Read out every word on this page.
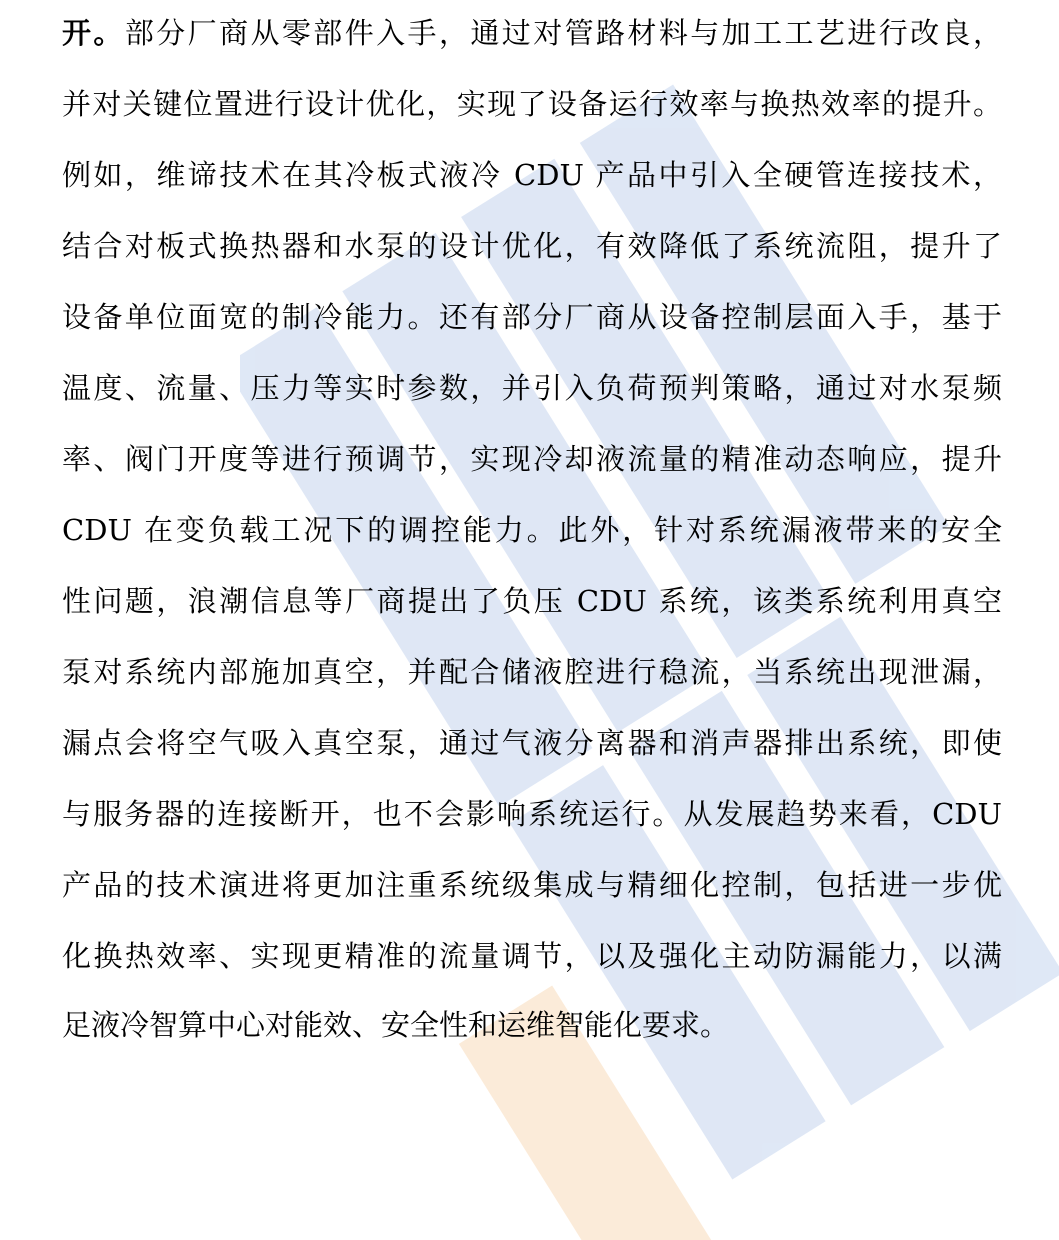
开。部分厂商从零部件入手，通过对管路材料与加工工艺进行改良，
并对关键位置进行设计优化，实现了设备运行效率与换热效率的提升。
例如，维谛技术在其冷板式液冷 CDU 产品中引入全硬管连接技术，
结合对板式换热器和水泵的设计优化，有效降低了系统流阻，提升了
设备单位面宽的制冷能力。还有部分厂商从设备控制层面入手，基于
温度、流量、压力等实时参数，并引入负荷预判策略，通过对水泵频
率、阀门开度等进行预调节，实现冷却液流量的精准动态响应，提升
CDU 在变负载工况下的调控能力。此外，针对系统漏液带来的安全
性问题，浪潮信息等厂商提出了负压 CDU 系统，该类系统利用真空
泵对系统内部施加真空，并配合储液腔进行稳流，当系统出现泄漏，
漏点会将空气吸入真空泵，通过气液分离器和消声器排出系统，即使
与服务器的连接断开，也不会影响系统运行。从发展趋势来看，CDU
产品的技术演进将更加注重系统级集成与精细化控制，包括进一步优
化换热效率、实现更精准的流量调节，以及强化主动防漏能力，以满
足液冷智算中心对能效、安全性和运维智能化要求。
